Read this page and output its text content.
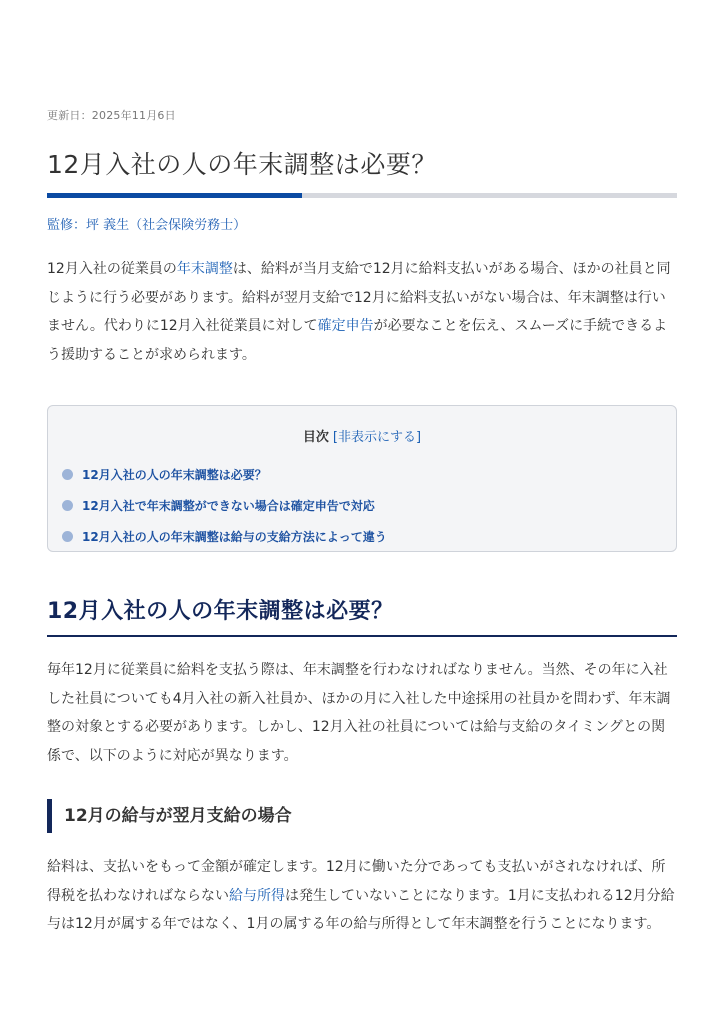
更新日：2025年11月6日
12月入社の人の年末調整は必要？
監修：坪 義生（社会保険労務士）

12月入社の従業員の年末調整は、給料が当月支給で12月に給料支払いがある場合、ほかの社員と同じように行う必要があります。給料が翌月支給で12月に給料支払いがない場合は、年末調整は行いません。代わりに12月入社従業員に対して確定申告が必要なことを伝え、スムーズに手続できるよう援助することが求められます。

目次 [非表示にする]
12月入社の人の年末調整は必要？
12月入社で年末調整ができない場合は確定申告で対応
12月入社の人の年末調整は給与の支給方法によって違う
12月入社の人の年末調整は必要？

毎年12月に従業員に給料を支払う際は、年末調整を行わなければなりません。当然、その年に入社した社員についても4月入社の新入社員か、ほかの月に入社した中途採用の社員かを問わず、年末調整の対象とする必要があります。しかし、12月入社の社員については給与支給のタイミングとの関係で、以下のように対応が異なります。

12月の給与が翌月支給の場合

給料は、支払いをもって金額が確定します。12月に働いた分であっても支払いがされなければ、所得税を払わなければならない給与所得は発生していないことになります。1月に支払われる12月分給与は12月が属する年ではなく、1月の属する年の給与所得として年末調整を行うことになります。
